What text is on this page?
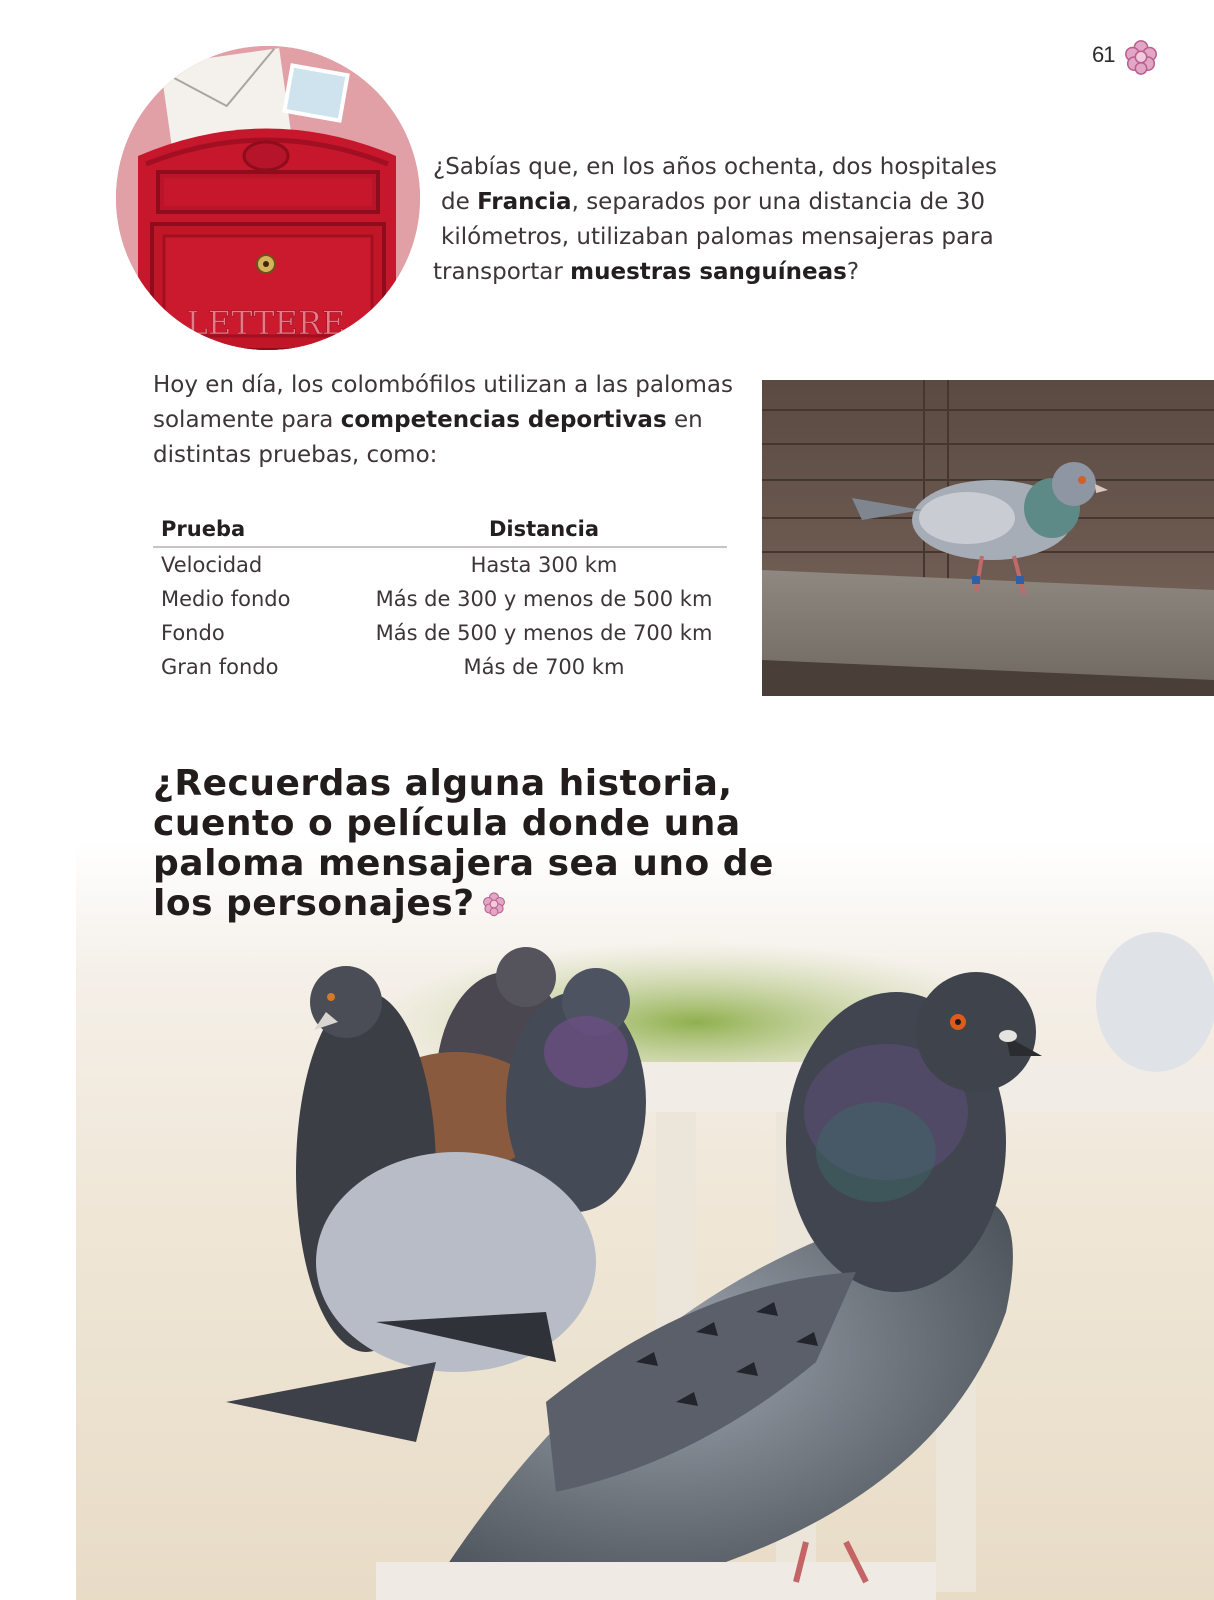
61
LETTERE
¿Sabías que, en los años ochenta, dos hospitales
de Francia, separados por una distancia de 30
kilómetros, utilizaban palomas mensajeras para
transportar muestras sanguíneas?
Hoy en día, los colombófilos utilizan a las palomas
solamente para competencias deportivas en
distintas pruebas, como:
Prueba	Distancia
Velocidad	Hasta 300 km
Medio fondo	Más de 300 y menos de 500 km
Fondo	Más de 500 y menos de 700 km
Gran fondo	Más de 700 km
¿Recuerdas alguna historia,
cuento o película donde una
paloma mensajera sea uno de
los personajes?
